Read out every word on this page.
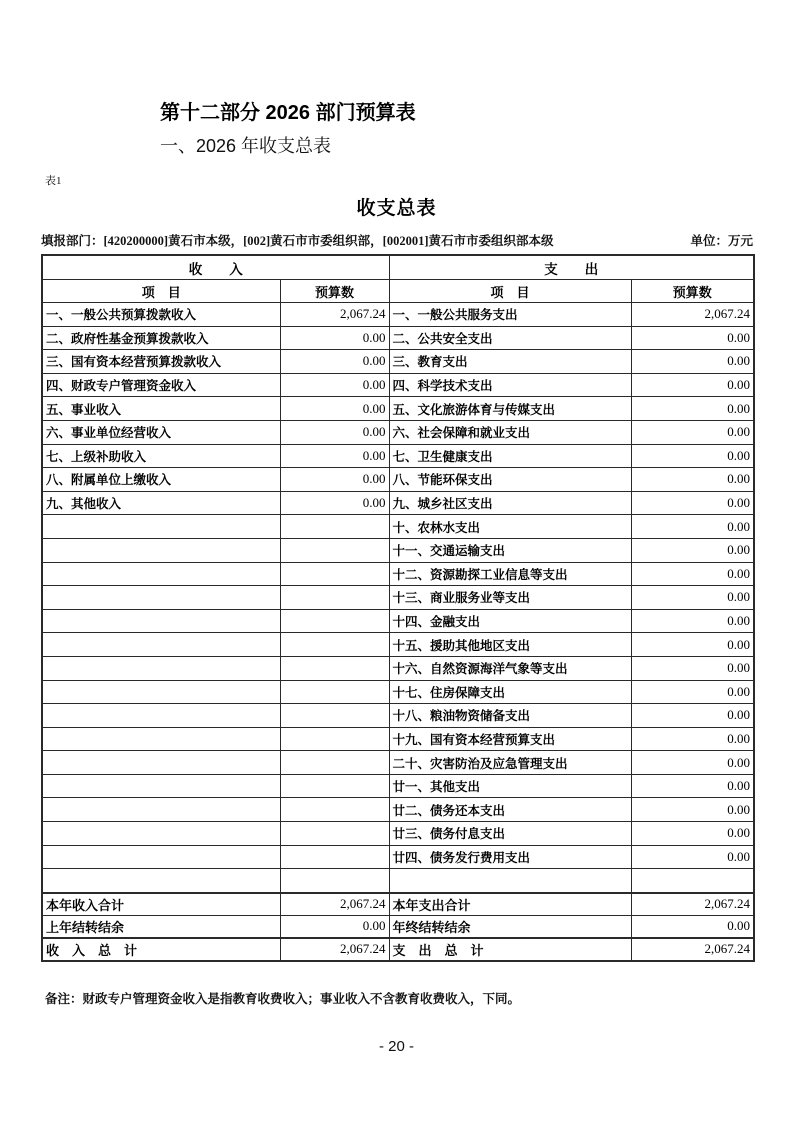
第十二部分 2026 部门预算表
一、2026 年收支总表
表1
收支总表
填报部门：[420200000]黄石市本级，[002]黄石市市委组织部，[002001]黄石市市委组织部本级	单位：万元
收　　入		支　　出	
项　目	预算数	项　目	预算数
一、一般公共预算拨款收入	2,067.24	一、一般公共服务支出	2,067.24
二、政府性基金预算拨款收入	0.00	二、公共安全支出	0.00
三、国有资本经营预算拨款收入	0.00	三、教育支出	0.00
四、财政专户管理资金收入	0.00	四、科学技术支出	0.00
五、事业收入	0.00	五、文化旅游体育与传媒支出	0.00
六、事业单位经营收入	0.00	六、社会保障和就业支出	0.00
七、上级补助收入	0.00	七、卫生健康支出	0.00
八、附属单位上缴收入	0.00	八、节能环保支出	0.00
九、其他收入	0.00	九、城乡社区支出	0.00
		十、农林水支出	0.00
		十一、交通运输支出	0.00
		十二、资源勘探工业信息等支出	0.00
		十三、商业服务业等支出	0.00
		十四、金融支出	0.00
		十五、援助其他地区支出	0.00
		十六、自然资源海洋气象等支出	0.00
		十七、住房保障支出	0.00
		十八、粮油物资储备支出	0.00
		十九、国有资本经营预算支出	0.00
		二十、灾害防治及应急管理支出	0.00
		廿一、其他支出	0.00
		廿二、债务还本支出	0.00
		廿三、债务付息支出	0.00
		廿四、债务发行费用支出	0.00

本年收入合计	2,067.24	本年支出合计	2,067.24
上年结转结余	0.00	年终结转结余	0.00
收　入　总　计	2,067.24	支　出　总　计	2,067.24
备注：财政专户管理资金收入是指教育收费收入；事业收入不含教育收费收入，下同。
- 20 -
